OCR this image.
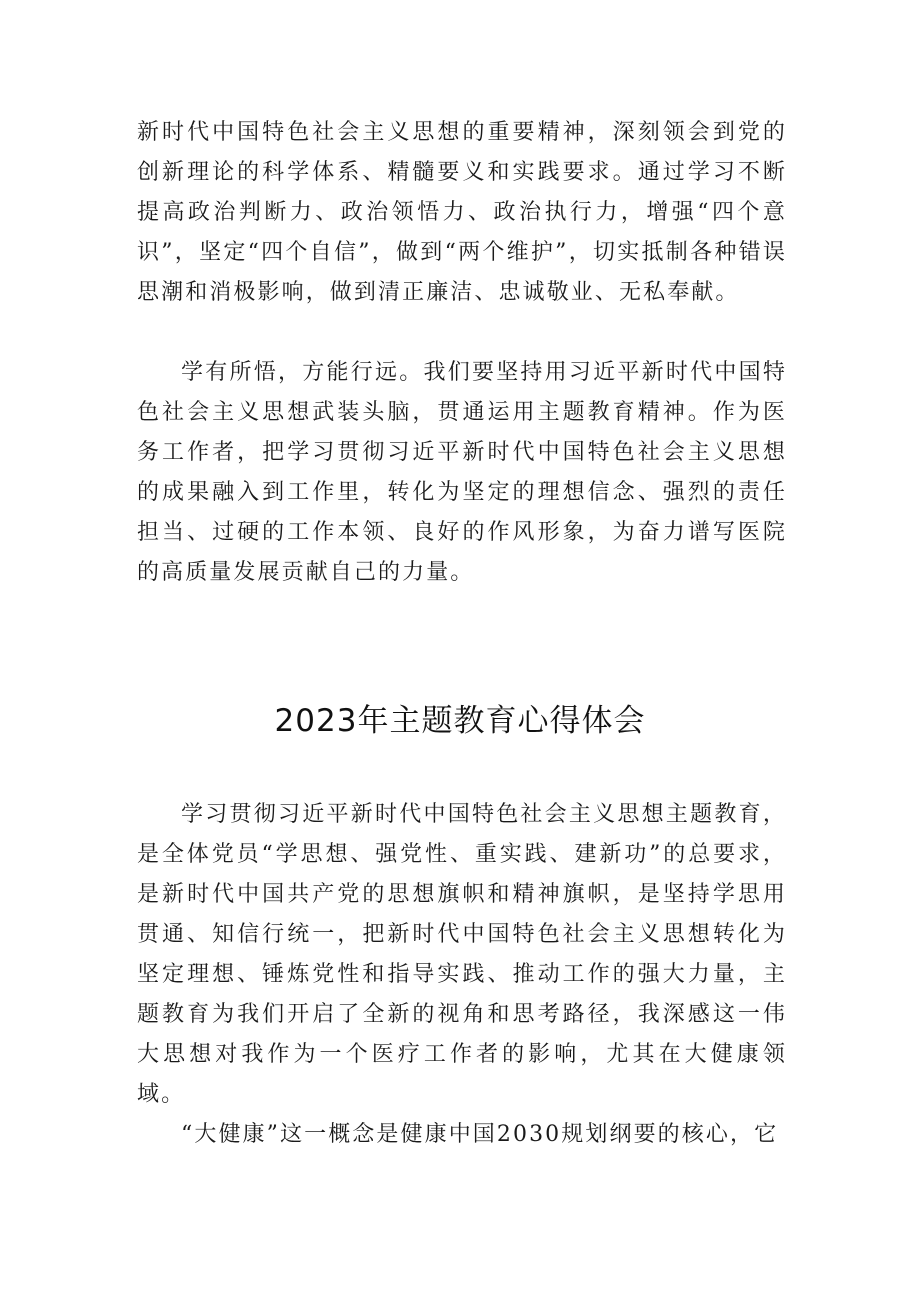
新时代中国特色社会主义思想的重要精神，深刻领会到党的创新理论的科学体系、精髓要义和实践要求。通过学习不断提高政治判断力、政治领悟力、政治执行力，增强“四个意识”，坚定“四个自信”，做到“两个维护”，切实抵制各种错误思潮和消极影响，做到清正廉洁、忠诚敬业、无私奉献。

学有所悟，方能行远。我们要坚持用习近平新时代中国特色社会主义思想武装头脑，贯通运用主题教育精神。作为医务工作者，把学习贯彻习近平新时代中国特色社会主义思想的成果融入到工作里，转化为坚定的理想信念、强烈的责任担当、过硬的工作本领、良好的作风形象，为奋力谱写医院的高质量发展贡献自己的力量。

2023年主题教育心得体会

学习贯彻习近平新时代中国特色社会主义思想主题教育，是全体党员“学思想、强党性、重实践、建新功”的总要求，是新时代中国共产党的思想旗帜和精神旗帜，是坚持学思用贯通、知信行统一，把新时代中国特色社会主义思想转化为坚定理想、锤炼党性和指导实践、推动工作的强大力量，主题教育为我们开启了全新的视角和思考路径，我深感这一伟大思想对我作为一个医疗工作者的影响，尤其在大健康领域。

“大健康”这一概念是健康中国2030规划纲要的核心，它
